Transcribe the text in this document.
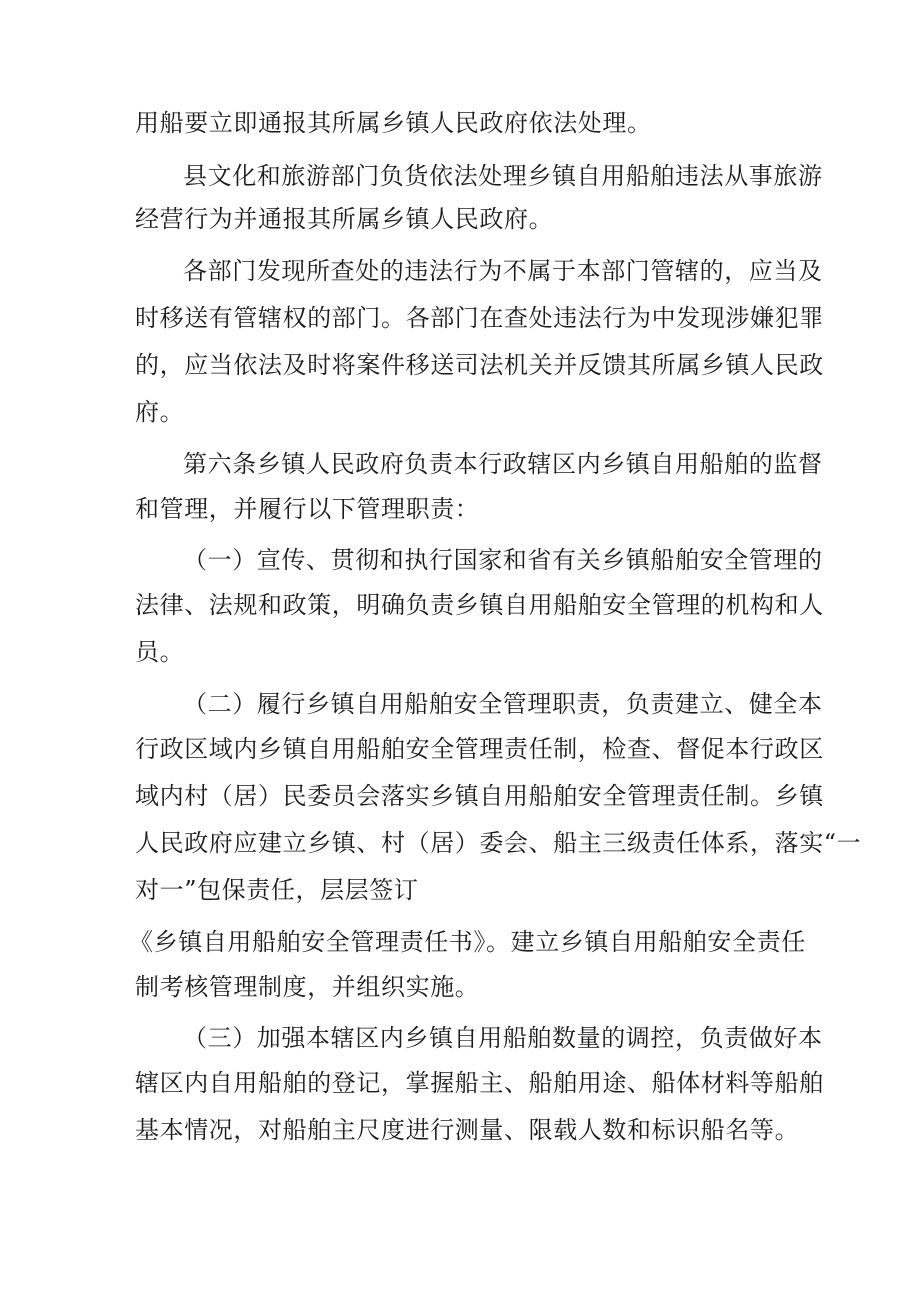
用船要立即通报其所属乡镇人民政府依法处理。
县文化和旅游部门负货依法处理乡镇自用船舶违法从事旅游
经营行为并通报其所属乡镇人民政府。
各部门发现所查处的违法行为不属于本部门管辖的，应当及
时移送有管辖权的部门。各部门在查处违法行为中发现涉嫌犯罪
的，应当依法及时将案件移送司法机关并反馈其所属乡镇人民政
府。
第六条乡镇人民政府负责本行政辖区内乡镇自用船舶的监督
和管理，并履行以下管理职责：
（一）宣传、贯彻和执行国家和省有关乡镇船舶安全管理的
法律、法规和政策，明确负责乡镇自用船舶安全管理的机构和人
员。
（二）履行乡镇自用船舶安全管理职责，负责建立、健全本
行政区域内乡镇自用船舶安全管理责任制，检查、督促本行政区
域内村（居）民委员会落实乡镇自用船舶安全管理责任制。乡镇
人民政府应建立乡镇、村（居）委会、船主三级责任体系，落实“一
对一”包保责任，层层签订
《乡镇自用船舶安全管理责任书》。建立乡镇自用船舶安全责任
制考核管理制度，并组织实施。
（三）加强本辖区内乡镇自用船舶数量的调控，负责做好本
辖区内自用船舶的登记，掌握船主、船舶用途、船体材料等船舶
基本情况，对船舶主尺度进行测量、限载人数和标识船名等。
